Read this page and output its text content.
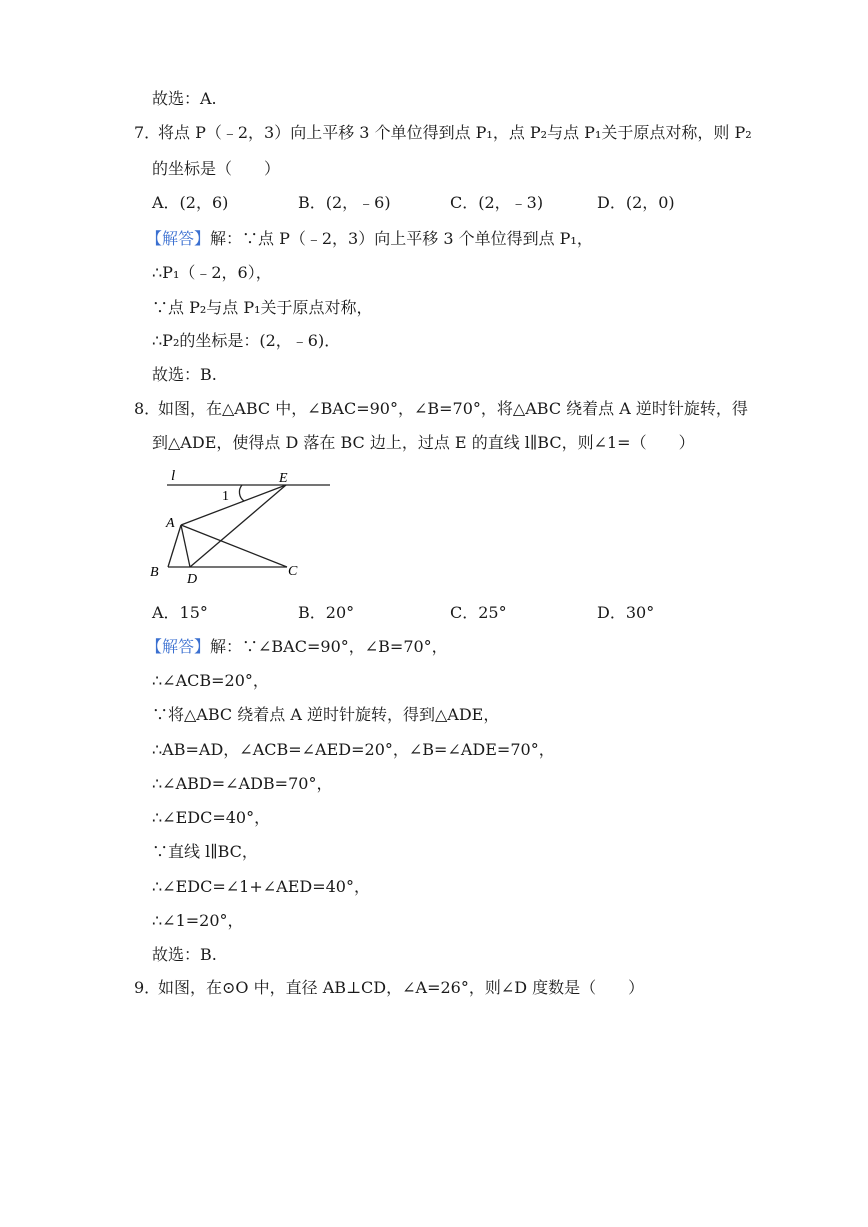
故选：A.
7．
将点 P（﹣2，3）向上平移 3 个单位得到点 P₁，点 P₂与点 P₁关于原点对称，则 P₂
的坐标是（　　）
A．(2，6)	B．(2，﹣6)	C．(2，﹣3)	D．(2，0)
【解答】解：∵点 P（﹣2，3）向上平移 3 个单位得到点 P₁，
∴P₁（﹣2，6），
∵点 P₂与点 P₁关于原点对称，
∴P₂的坐标是：(2，﹣6)．
故选：B.
8．
如图，在△ABC 中，∠BAC=90°，∠B=70°，将△ABC 绕着点 A 逆时针旋转，得
到△ADE，使得点 D 落在 BC 边上，过点 E 的直线 l∥BC，则∠1=（　　）
l
1
E
A
B D
C
A．15°	B．20°	C．25°	D．30°
【解答】解：∵∠BAC=90°，∠B=70°，
∴∠ACB=20°，
∵将△ABC 绕着点 A 逆时针旋转，得到△ADE，
∴AB=AD，∠ACB=∠AED=20°，∠B=∠ADE=70°，
∴∠ABD=∠ADB=70°，
∴∠EDC=40°，
∵直线 l∥BC，
∴∠EDC=∠1+∠AED=40°，
∴∠1=20°，
故选：B.
9．
如图，在⊙O 中，直径 AB⊥CD，∠A=26°，则∠D 度数是（　　）
